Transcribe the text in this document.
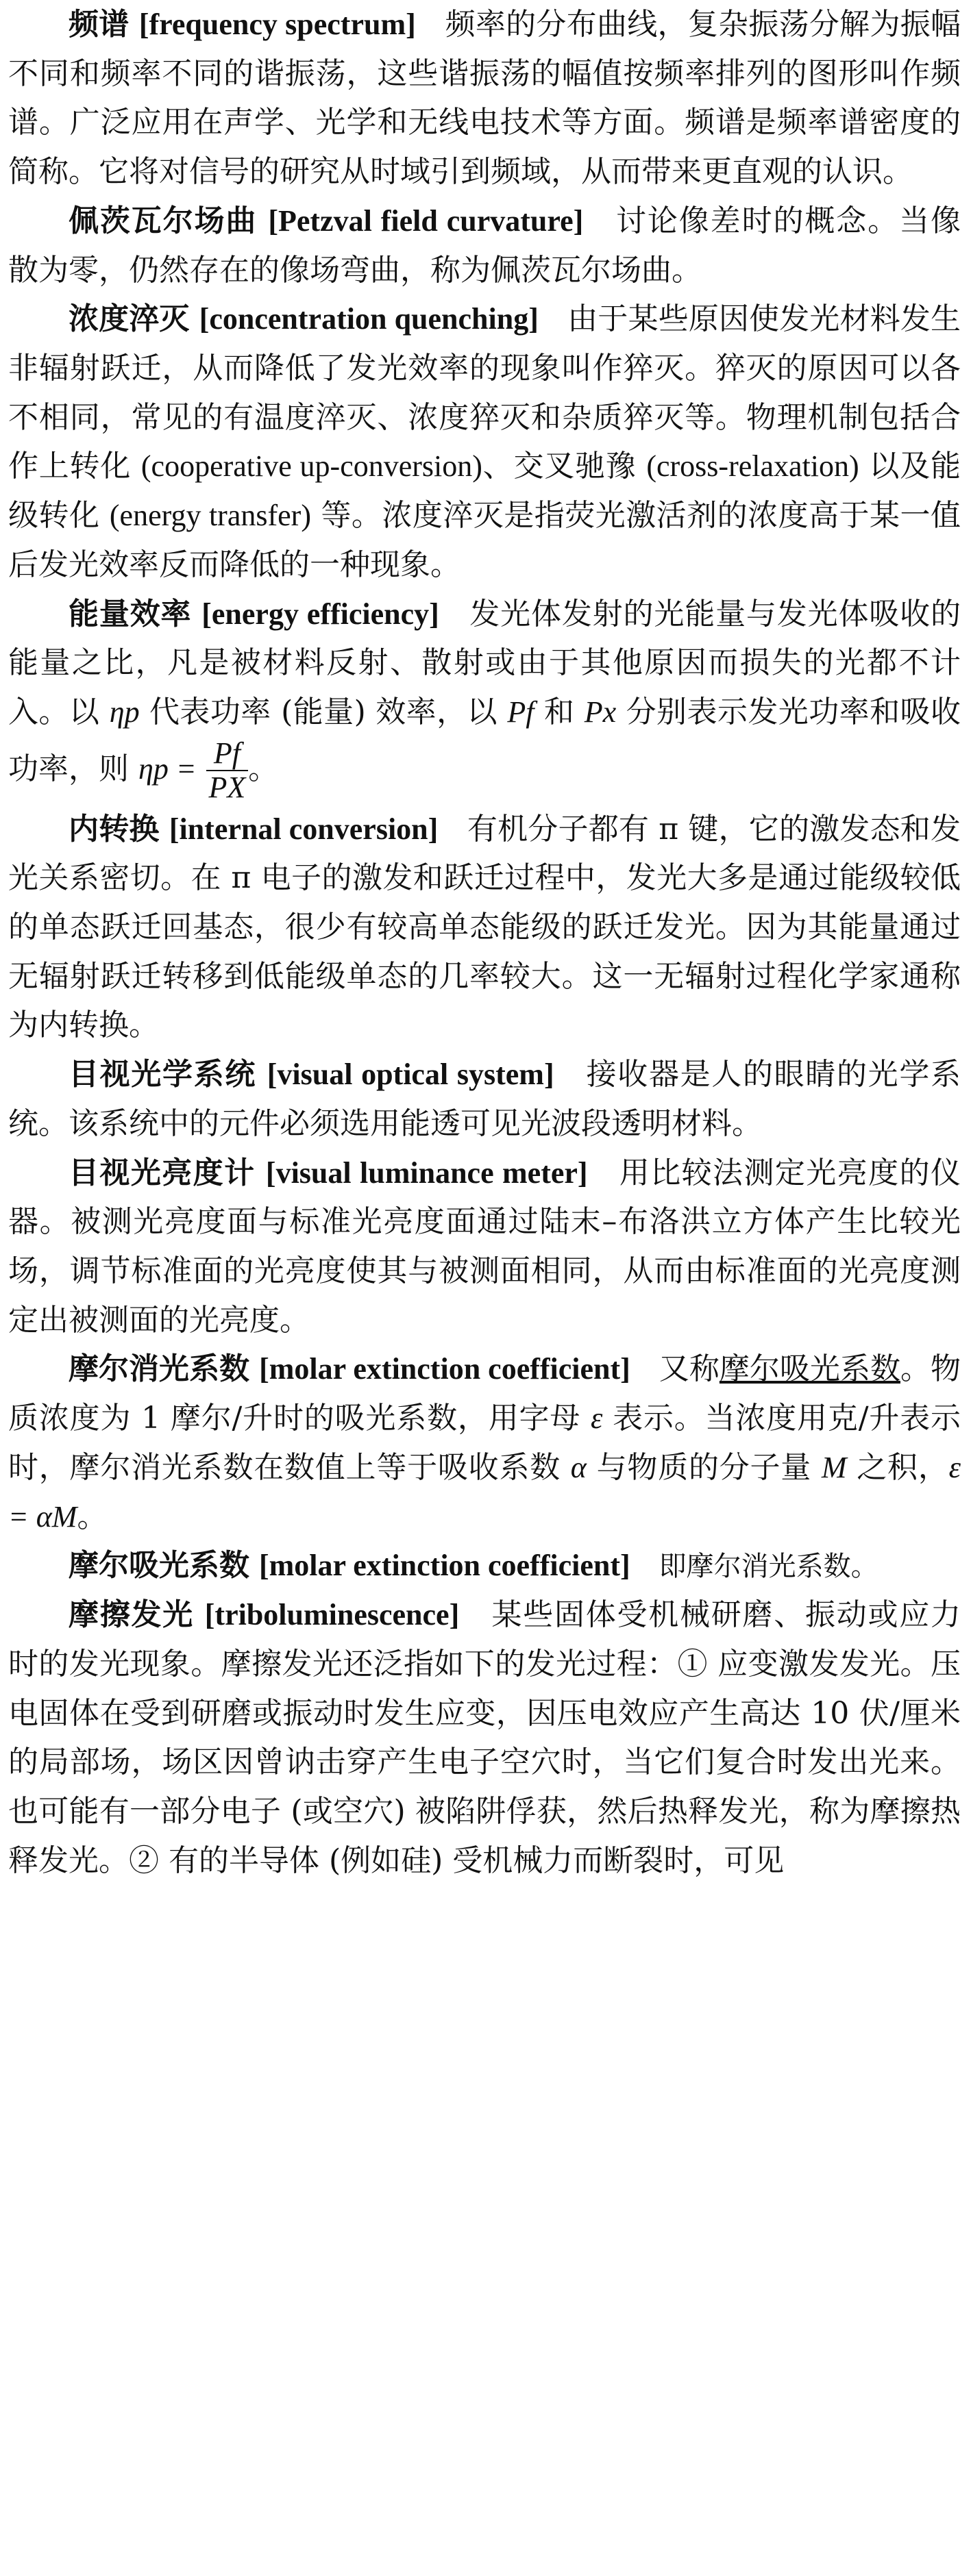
频谱 [frequency spectrum] 频率的分布曲线，复杂振荡分解为振幅不同和频率不同的谐振荡，这些谐振荡的幅值按频率排列的图形叫作频谱。广泛应用在声学、光学和无线电技术等方面。频谱是频率谱密度的简称。它将对信号的研究从时域引到频域，从而带来更直观的认识。

佩茨瓦尔场曲 [Petzval field curvature] 讨论像差时的概念。当像散为零，仍然存在的像场弯曲，称为佩茨瓦尔场曲。

浓度淬灭 [concentration quenching] 由于某些原因使发光材料发生非辐射跃迁，从而降低了发光效率的现象叫作猝灭。猝灭的原因可以各不相同，常见的有温度淬灭、浓度猝灭和杂质猝灭等。物理机制包括合作上转化 (cooperative up-conversion)、交叉驰豫 (cross-relaxation) 以及能级转化 (energy transfer) 等。浓度淬灭是指荧光激活剂的浓度高于某一值后发光效率反而降低的一种现象。

能量效率 [energy efficiency] 发光体发射的光能量与发光体吸收的能量之比，凡是被材料反射、散射或由于其他原因而损失的光都不计入。以 ηp 代表功率 (能量) 效率，以 Pf 和 Px 分别表示发光功率和吸收功率，则 $\eta p = \frac{Pf}{PX}$ 。

内转换 [internal conversion] 有机分子都有 π 键，它的激发态和发光关系密切。在 π 电子的激发和跃迁过程中，发光大多是通过能级较低的单态跃迁回基态，很少有较高单态能级的跃迁发光。因为其能量通过无辐射跃迁转移到低能级单态的几率较大。这一无辐射过程化学家通称为内转换。

目视光学系统 [visual optical system] 接收器是人的眼睛的光学系统。该系统中的元件必须选用能透可见光波段透明材料。

目视光亮度计 [visual luminance meter] 用比较法测定光亮度的仪器。被测光亮度面与标准光亮度面通过陆末–布洛洪立方体产生比较光场，调节标准面的光亮度使其与被测面相同，从而由标准面的光亮度测定出被测面的光亮度。

摩尔消光系数 [molar extinction coefficient] 又称摩尔吸光系数。物质浓度为 1 摩尔/升时的吸光系数，用字母 ε 表示。当浓度用克/升表示时，摩尔消光系数在数值上等于吸收系数 α 与物质的分子量 M 之积，ε = αM。

摩尔吸光系数 [molar extinction coefficient] 即摩尔消光系数。

摩擦发光 [triboluminescence] 某些固体受机械研磨、振动或应力时的发光现象。摩擦发光还泛指如下的发光过程：① 应变激发发光。压电固体在受到研磨或振动时发生应变，因压电效应产生高达 10 伏/厘米的局部场，场区因曾讷击穿产生电子空穴时，当它们复合时发出光来。也可能有一部分电子 (或空穴) 被陷阱俘获，然后热释发光，称为摩擦热释发光。② 有的半导体 (例如硅) 受机械力而断裂时，可见
